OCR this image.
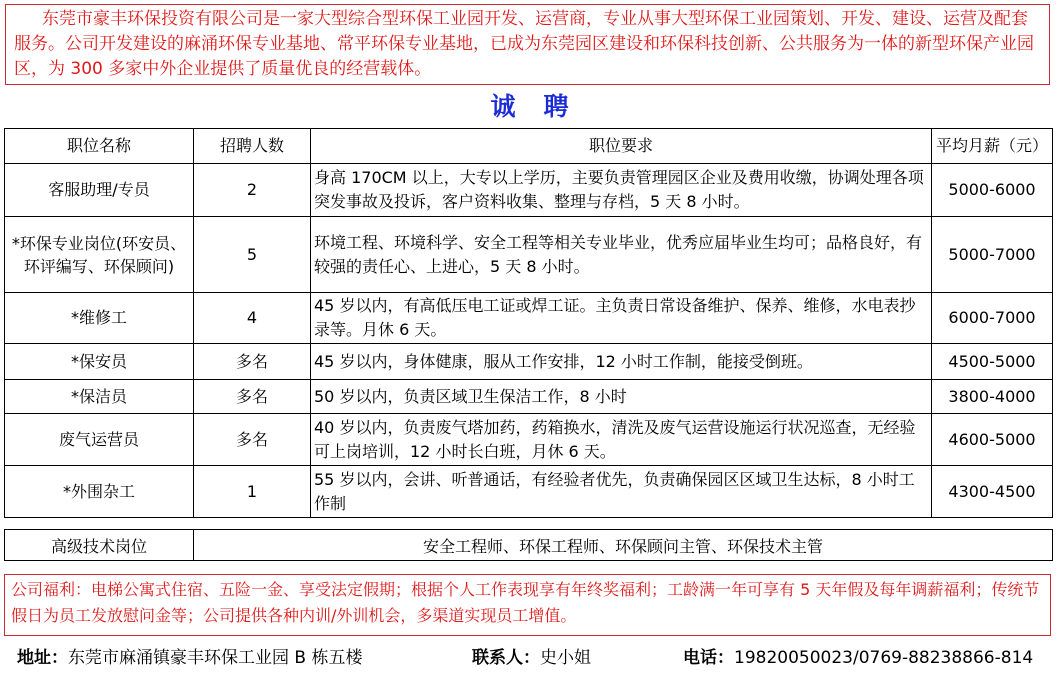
东莞市豪丰环保投资有限公司是一家大型综合型环保工业园开发、运营商，专业从事大型环保工业园策划、开发、建设、运营及配套服务。公司开发建设的麻涌环保专业基地、常平环保专业基地，已成为东莞园区建设和环保科技创新、公共服务为一体的新型环保产业园区，为 300 多家中外企业提供了质量优良的经营载体。
诚聘
职位名称	招聘人数	职位要求	平均月薪（元）
客服助理/专员	2	身高 170CM 以上，大专以上学历，主要负责管理园区企业及费用收缴，协调处理各项突发事故及投诉，客户资料收集、整理与存档，5 天 8 小时。	5000-6000
*环保专业岗位(环安员、环评编写、环保顾问)	5	环境工程、环境科学、安全工程等相关专业毕业，优秀应届毕业生均可；品格良好，有较强的责任心、上进心，5 天 8 小时。	5000-7000
*维修工	4	45 岁以内，有高低压电工证或焊工证。主负责日常设备维护、保养、维修，水电表抄录等。月休 6 天。	6000-7000
*保安员	多名	45 岁以内，身体健康，服从工作安排，12 小时工作制，能接受倒班。	4500-5000
*保洁员	多名	50 岁以内，负责区域卫生保洁工作，8 小时	3800-4000
废气运营员	多名	40 岁以内，负责废气塔加药，药箱换水，清洗及废气运营设施运行状况巡查，无经验可上岗培训，12 小时长白班，月休 6 天。	4600-5000
*外围杂工	1	55 岁以内，会讲、听普通话，有经验者优先，负责确保园区区域卫生达标，8 小时工作制	4300-4500
高级技术岗位	安全工程师、环保工程师、环保顾问主管、环保技术主管
公司福利：电梯公寓式住宿、五险一金、享受法定假期；根据个人工作表现享有年终奖福利；工龄满一年可享有 5 天年假及每年调薪福利；传统节假日为员工发放慰问金等；公司提供各种内训/外训机会，多渠道实现员工增值。
地址：东莞市麻涌镇豪丰环保工业园 B 栋五楼	联系人：史小姐	电话：19820050023/0769-88238866-814
